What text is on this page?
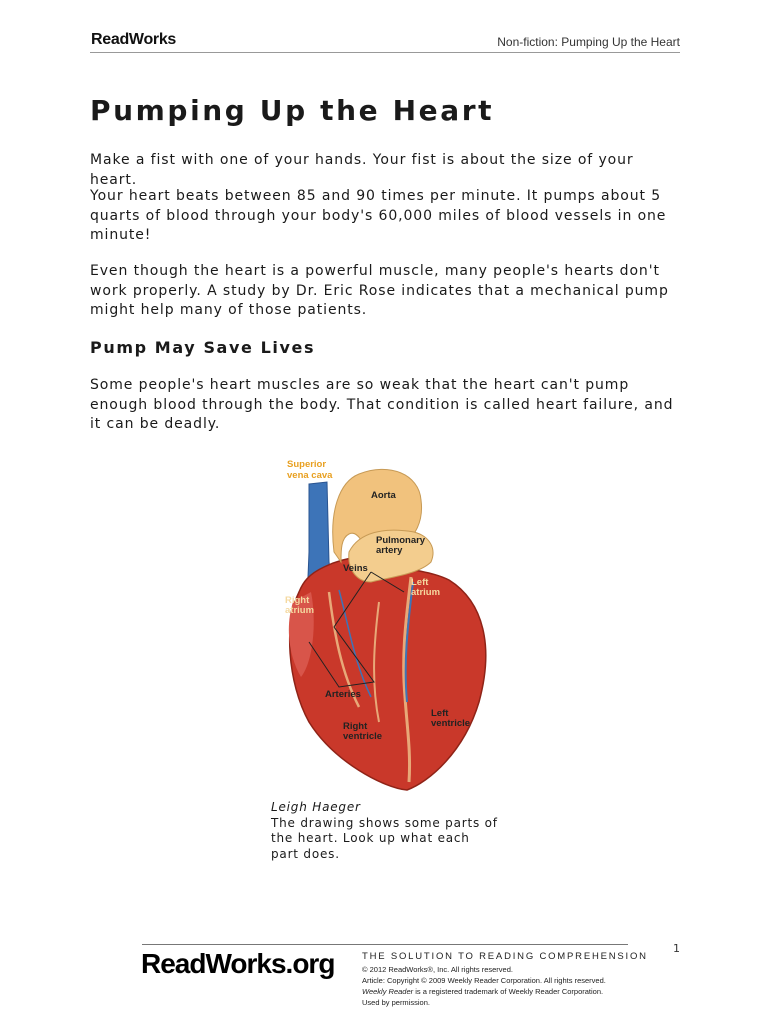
ReadWorks	Non-fiction: Pumping Up the Heart
Pumping Up the Heart

Make a fist with one of your hands. Your fist is about the size of your heart.

Your heart beats between 85 and 90 times per minute. It pumps about 5 quarts of blood through your body's 60,000 miles of blood vessels in one minute!

Even though the heart is a powerful muscle, many people's hearts don't work properly. A study by Dr. Eric Rose indicates that a mechanical pump might help many of those patients.

Pump May Save Lives

Some people's heart muscles are so weak that the heart can't pump enough blood through the body. That condition is called heart failure, and it can be deadly.

Superior
vena cava
Aorta
Pulmonary
artery
Veins
Left
atrium
Right
atrium
Arteries
Left
ventricle
Right
ventricle
Leigh Haeger
The drawing shows some parts of the heart. Look up what each part does.
1
ReadWorks.org	THE SOLUTION TO READING COMPREHENSION
© 2012 ReadWorks®, Inc. All rights reserved.
Article: Copyright © 2009 Weekly Reader Corporation. All rights reserved.
Weekly Reader is a registered trademark of Weekly Reader Corporation.
Used by permission.
